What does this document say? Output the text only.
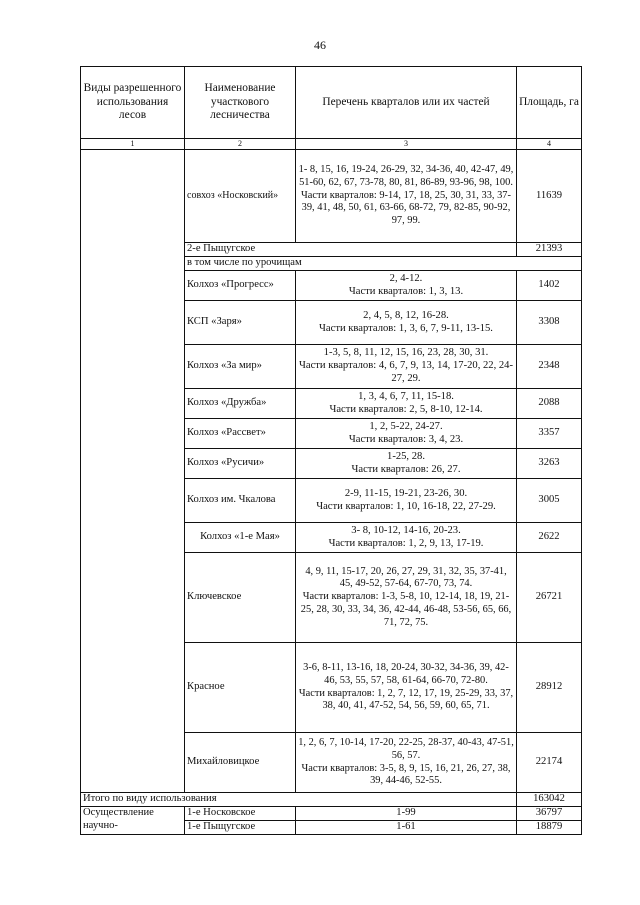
46
Виды разрешенного использования лесов	Наименование участкового лесничества	Перечень кварталов или их частей	Площадь, га
1	2	3	4
	совхоз «Носковский»	1- 8, 15, 16, 19-24, 26-29, 32, 34-36, 40, 42-47, 49, 51-60, 62, 67, 73-78, 80, 81, 86-89, 93-96, 98, 100.
Части кварталов: 9-14, 17, 18, 25, 30, 31, 33, 37-39, 41, 48, 50, 61, 63-66, 68-72, 79, 82-85, 90-92, 97, 99.	11639
	2-е Пыщугское		21393
	в том числе по урочищам		
	Колхоз «Прогресс»	2, 4-12.
Части кварталов: 1, 3, 13.	1402
	КСП «Заря»	2, 4, 5, 8, 12, 16-28.
Части кварталов: 1, 3, 6, 7, 9-11, 13-15.	3308
	Колхоз «За мир»	1-3, 5, 8, 11, 12, 15, 16, 23, 28, 30, 31.
Части кварталов: 4, 6, 7, 9, 13, 14, 17-20, 22, 24-27, 29.	2348
	Колхоз «Дружба»	1, 3, 4, 6, 7, 11, 15-18.
Части кварталов: 2, 5, 8-10, 12-14.	2088
	Колхоз «Рассвет»	1, 2, 5-22, 24-27.
Части кварталов: 3, 4, 23.	3357
	Колхоз «Русичи»	1-25, 28.
Части кварталов: 26, 27.	3263
	Колхоз им. Чкалова	2-9, 11-15, 19-21, 23-26, 30.
Части кварталов: 1, 10, 16-18, 22, 27-29.	3005
	Колхоз «1-е Мая»	3- 8, 10-12, 14-16, 20-23.
Части кварталов: 1, 2, 9, 13, 17-19.	2622
	Ключевское	4, 9, 11, 15-17, 20, 26, 27, 29, 31, 32, 35, 37-41, 45, 49-52, 57-64, 67-70, 73, 74.
Части кварталов: 1-3, 5-8, 10, 12-14, 18, 19, 21-25, 28, 30, 33, 34, 36, 42-44, 46-48, 53-56, 65, 66, 71, 72, 75.	26721
	Красное	3-6, 8-11, 13-16, 18, 20-24, 30-32, 34-36, 39, 42-46, 53, 55, 57, 58, 61-64, 66-70, 72-80.
Части кварталов: 1, 2, 7, 12, 17, 19, 25-29, 33, 37, 38, 40, 41, 47-52, 54, 56, 59, 60, 65, 71.	28912
	Михайловицкое	1, 2, 6, 7, 10-14, 17-20, 22-25, 28-37, 40-43, 47-51, 56, 57.
Части кварталов: 3-5, 8, 9, 15, 16, 21, 26, 27, 38, 39, 44-46, 52-55.	22174
Итого по виду использования			163042
Осуществление научно-	1-е Носковское	1-99	36797
	1-е Пыщугское	1-61	18879
